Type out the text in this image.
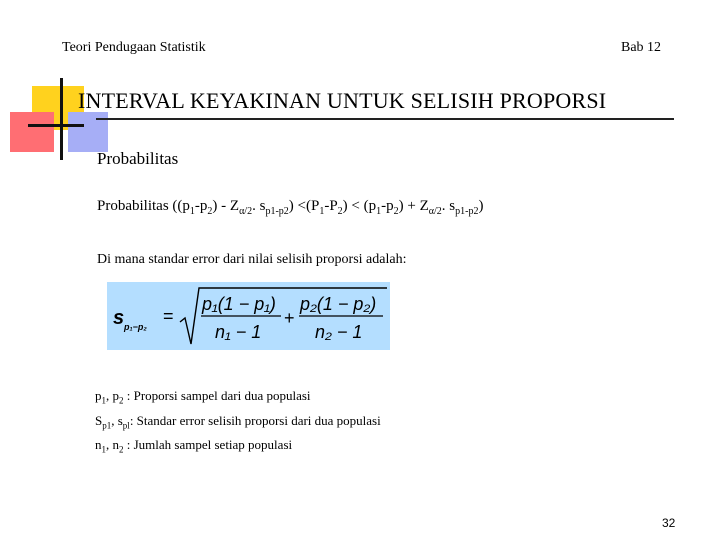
Teori Pendugaan Statistik	Bab 12
INTERVAL KEYAKINAN UNTUK SELISIH PROPORSI
Probabilitas
Probabilitas ($(p_1-p_2) - Z_{\alpha/2}$. $s_{p1-p2}) <(P_1-P_2) < (p_1-p_2) + Z_{\alpha/2}$. $s_{p1-p2}$)
Di mana standar error dari nilai selisih proporsi adalah:
s p₁−p₂
=
p₁(1 − p₁)
n₁ − 1
+
p₂(1 − p₂)
n₂ − 1
$p_1$, $p_2$ : Proporsi sampel dari dua populasi
$S_{p1}$, $s_{pl}$: Standar error selisih proporsi dari dua populasi
$n_1$, $n_2$ : Jumlah sampel setiap populasi
32
